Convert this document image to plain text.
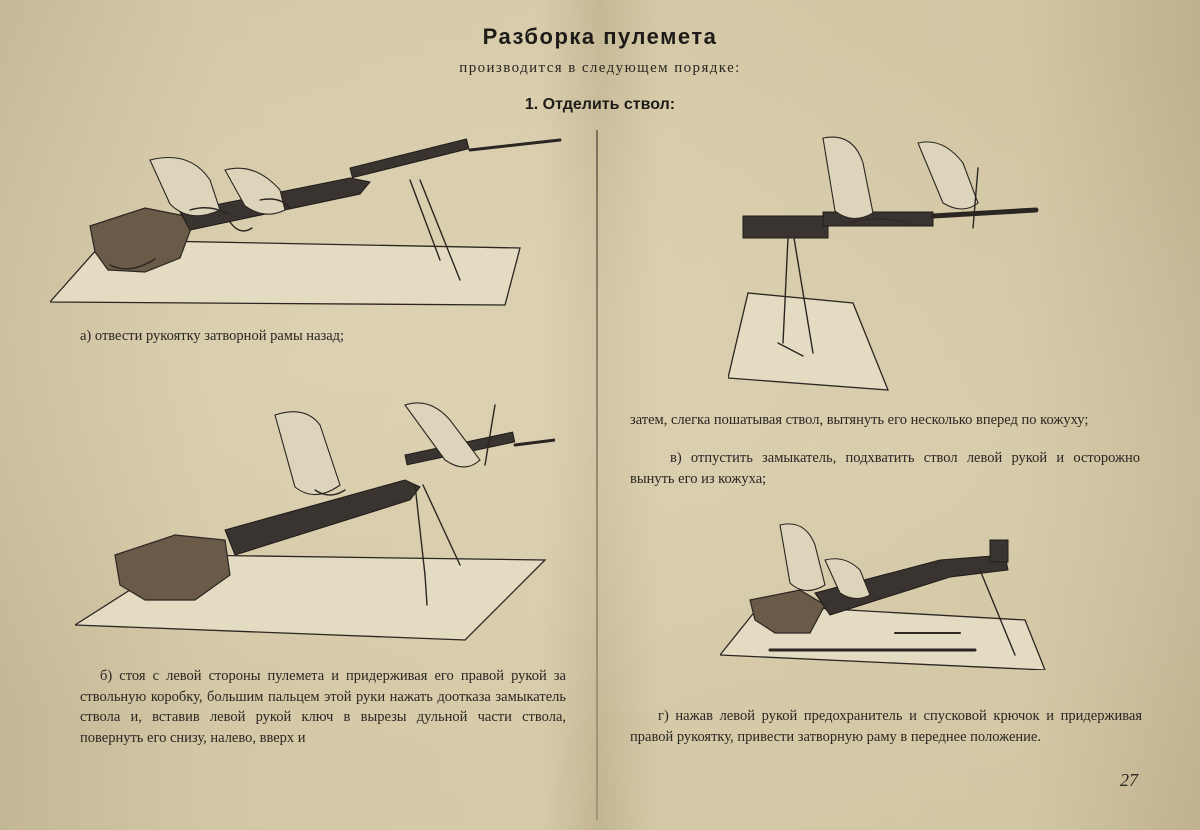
Разборка пулемета
производится в следующем порядке:
1. Отделить ствол:
а) отвести рукоятку затворной рамы назад;
б) стоя с левой стороны пулемета и придерживая его правой рукой за ствольную коробку, большим пальцем этой руки нажать доотказа замыкатель ствола и, вставив левой рукой ключ в вырезы дульной части ствола, повернуть его снизу, налево, вверх и
затем, слегка пошатывая ствол, вытянуть его несколько вперед по кожуху;
в) отпустить замыкатель, подхватить ствол левой рукой и осторожно вынуть его из кожуха;
г) нажав левой рукой предохранитель и спусковой крючок и придерживая правой рукоятку, привести затворную раму в переднее положение.
27
